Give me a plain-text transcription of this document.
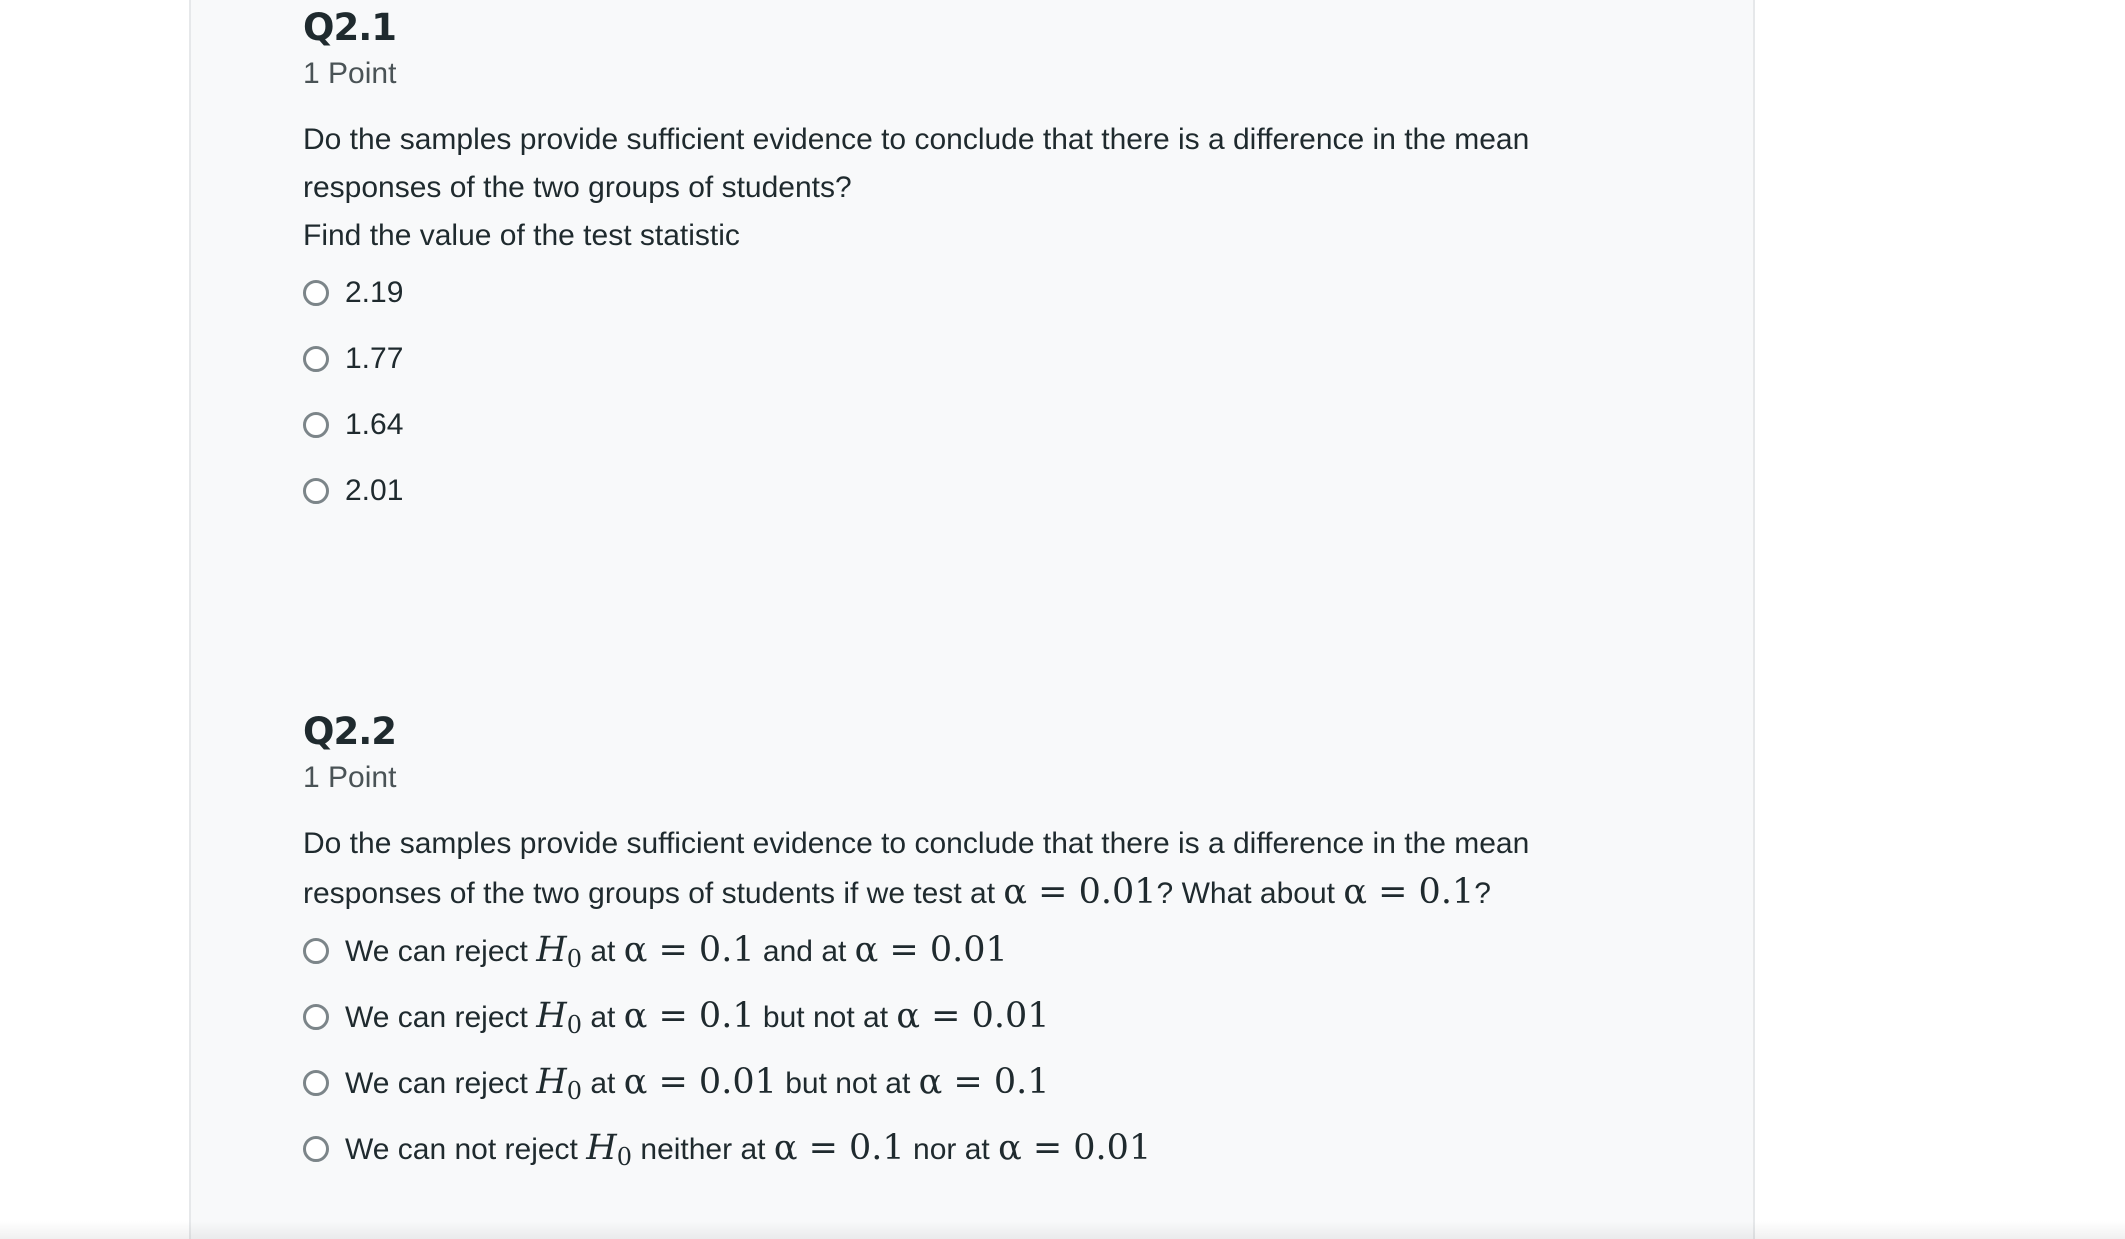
Q2.1
1 Point
Do the samples provide sufficient evidence to conclude that there is a difference in the mean
responses of the two groups of students?
Find the value of the test statistic
2.19
1.77
1.64
2.01
Q2.2
1 Point
Do the samples provide sufficient evidence to conclude that there is a difference in the mean
responses of the two groups of students if we test at α = 0.01? What about α = 0.1?
We can reject $H_0$ at α = 0.1 and at α = 0.01
We can reject $H_0$ at α = 0.1 but not at α = 0.01
We can reject $H_0$ at α = 0.01 but not at α = 0.1
We can not reject $H_0$ neither at α = 0.1 nor at α = 0.01
